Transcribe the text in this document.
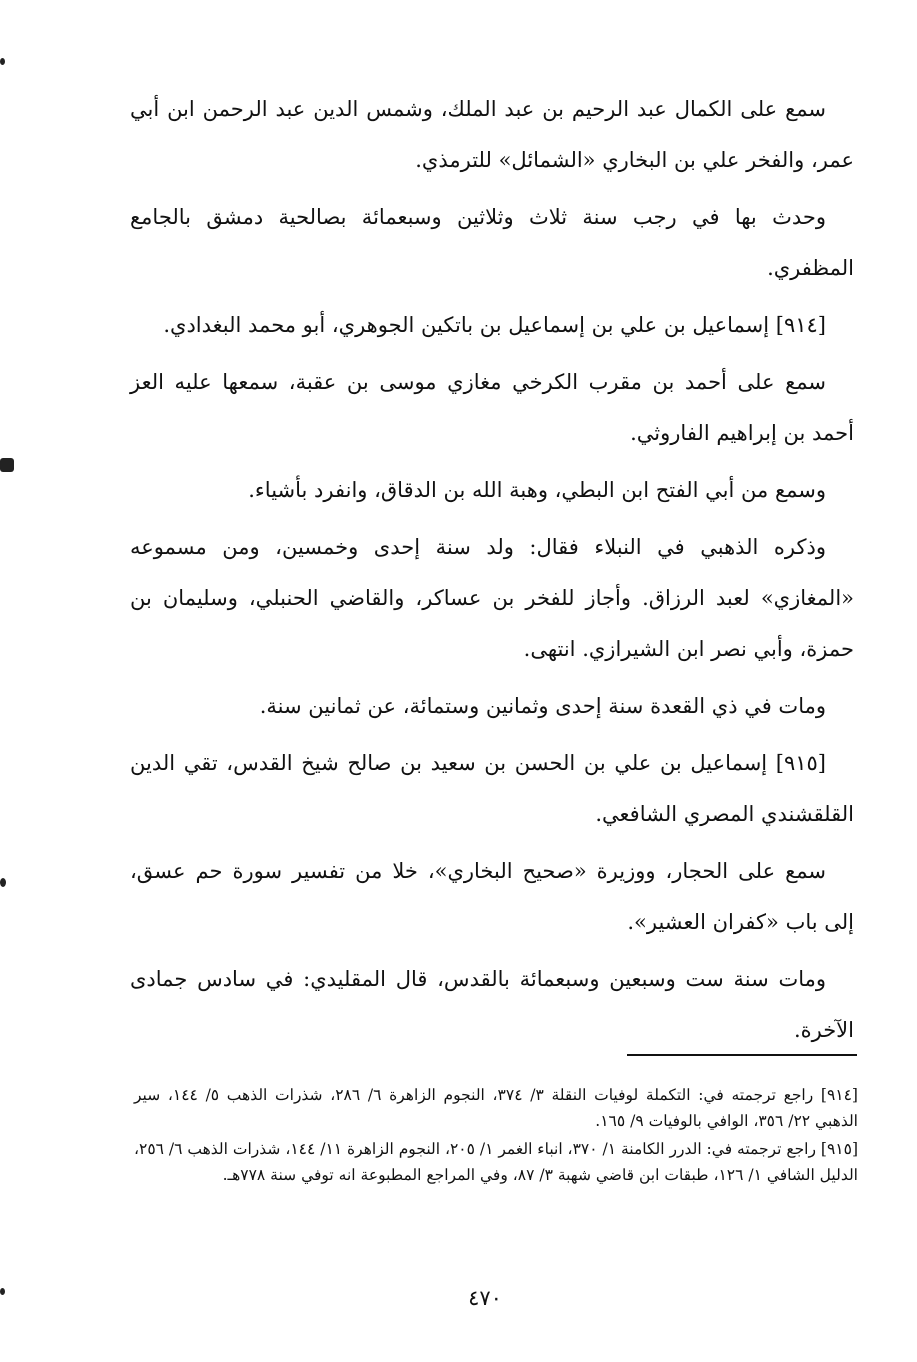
سمع على الكمال عبد الرحيم بن عبد الملك، وشمس الدين عبد الرحمن ابن أبي عمر، والفخر علي بن البخاري «الشمائل» للترمذي.

وحدث بها في رجب سنة ثلاث وثلاثين وسبعمائة بصالحية دمشق بالجامع المظفري.

[٩١٤] إسماعيل بن علي بن إسماعيل بن باتكين الجوهري، أبو محمد البغدادي.

سمع على أحمد بن مقرب الكرخي مغازي موسى بن عقبة، سمعها عليه العز أحمد بن إبراهيم الفاروثي.

وسمع من أبي الفتح ابن البطي، وهبة الله بن الدقاق، وانفرد بأشياء.

وذكره الذهبي في النبلاء فقال: ولد سنة إحدى وخمسين، ومن مسموعه «المغازي» لعبد الرزاق. وأجاز للفخر بن عساكر، والقاضي الحنبلي، وسليمان بن حمزة، وأبي نصر ابن الشيرازي. انتهى.

ومات في ذي القعدة سنة إحدى وثمانين وستمائة، عن ثمانين سنة.

[٩١٥] إسماعيل بن علي بن الحسن بن سعيد بن صالح شيخ القدس، تقي الدين القلقشندي المصري الشافعي.

سمع على الحجار، ووزيرة «صحيح البخاري»، خلا من تفسير سورة حم عسق، إلى باب «كفران العشير».

ومات سنة ست وسبعين وسبعمائة بالقدس، قال المقليدي: في سادس جمادى الآخرة.

[٩١٤] راجع ترجمته في: التكملة لوفيات النقلة ٣/ ٣٧٤، النجوم الزاهرة ٦/ ٢٨٦، شذرات الذهب ٥/ ١٤٤، سير الذهبي ٢٢/ ٣٥٦، الوافي بالوفيات ٩/ ١٦٥.

[٩١٥] راجع ترجمته في: الدرر الكامنة ١/ ٣٧٠، انباء الغمر ١/ ٢٠٥، النجوم الزاهرة ١١/ ١٤٤، شذرات الذهب ٦/ ٢٥٦، الدليل الشافي ١/ ١٢٦، طبقات ابن قاضي شهبة ٣/ ٨٧، وفي المراجع المطبوعة انه توفي سنة ٧٧٨هـ.

٤٧٠
